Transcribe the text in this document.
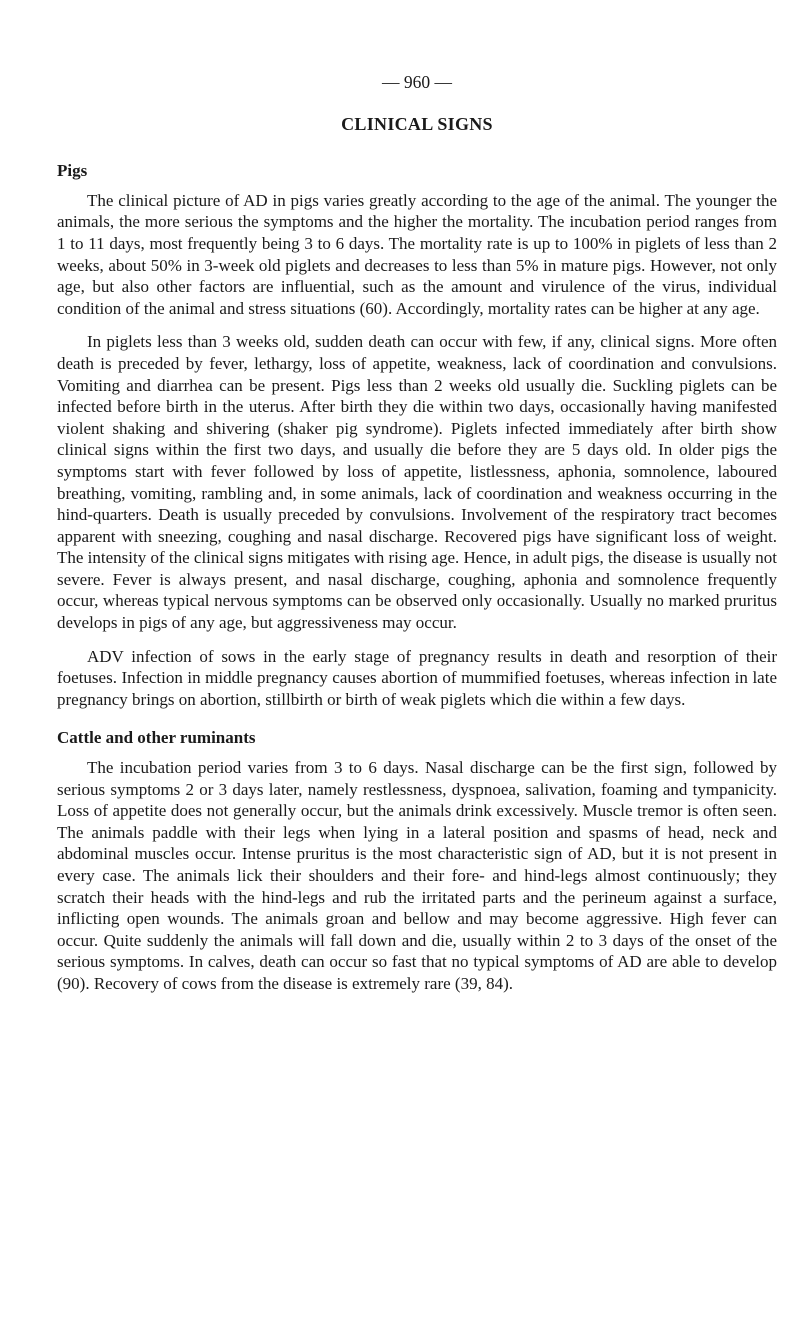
— 960 —
CLINICAL SIGNS
Pigs

The clinical picture of AD in pigs varies greatly according to the age of the animal. The younger the animals, the more serious the symptoms and the higher the mortality. The incubation period ranges from 1 to 11 days, most frequently being 3 to 6 days. The mortality rate is up to 100% in piglets of less than 2 weeks, about 50% in 3-week old piglets and decreases to less than 5% in mature pigs. However, not only age, but also other factors are influential, such as the amount and virulence of the virus, individual condition of the animal and stress situations (60). Accordingly, mortality rates can be higher at any age.

In piglets less than 3 weeks old, sudden death can occur with few, if any, clinical signs. More often death is preceded by fever, lethargy, loss of appetite, weakness, lack of coordination and convulsions. Vomiting and diarrhea can be present. Pigs less than 2 weeks old usually die. Suckling piglets can be infected before birth in the uterus. After birth they die within two days, occasionally having manifested violent shaking and shivering (shaker pig syndrome). Piglets infected immediately after birth show clinical signs within the first two days, and usually die before they are 5 days old. In older pigs the symptoms start with fever followed by loss of appetite, listlessness, aphonia, somnolence, laboured breathing, vomiting, rambling and, in some animals, lack of coordination and weakness occurring in the hind-quarters. Death is usually preceded by convulsions. Involvement of the respiratory tract becomes apparent with sneezing, coughing and nasal discharge. Recovered pigs have significant loss of weight. The intensity of the clinical signs mitigates with rising age. Hence, in adult pigs, the disease is usually not severe. Fever is always present, and nasal discharge, coughing, aphonia and somnolence frequently occur, whereas typical nervous symptoms can be observed only occasionally. Usually no marked pruritus develops in pigs of any age, but aggressiveness may occur.

ADV infection of sows in the early stage of pregnancy results in death and resorption of their foetuses. Infection in middle pregnancy causes abortion of mummified foetuses, whereas infection in late pregnancy brings on abortion, stillbirth or birth of weak piglets which die within a few days.

Cattle and other ruminants

The incubation period varies from 3 to 6 days. Nasal discharge can be the first sign, followed by serious symptoms 2 or 3 days later, namely restlessness, dyspnoea, salivation, foaming and tympanicity. Loss of appetite does not generally occur, but the animals drink excessively. Muscle tremor is often seen. The animals paddle with their legs when lying in a lateral position and spasms of head, neck and abdominal muscles occur. Intense pruritus is the most characteristic sign of AD, but it is not present in every case. The animals lick their shoulders and their fore- and hind-legs almost continuously; they scratch their heads with the hind-legs and rub the irritated parts and the perineum against a surface, inflicting open wounds. The animals groan and bellow and may become aggressive. High fever can occur. Quite suddenly the animals will fall down and die, usually within 2 to 3 days of the onset of the serious symptoms. In calves, death can occur so fast that no typical symptoms of AD are able to develop (90). Recovery of cows from the disease is extremely rare (39, 84).
